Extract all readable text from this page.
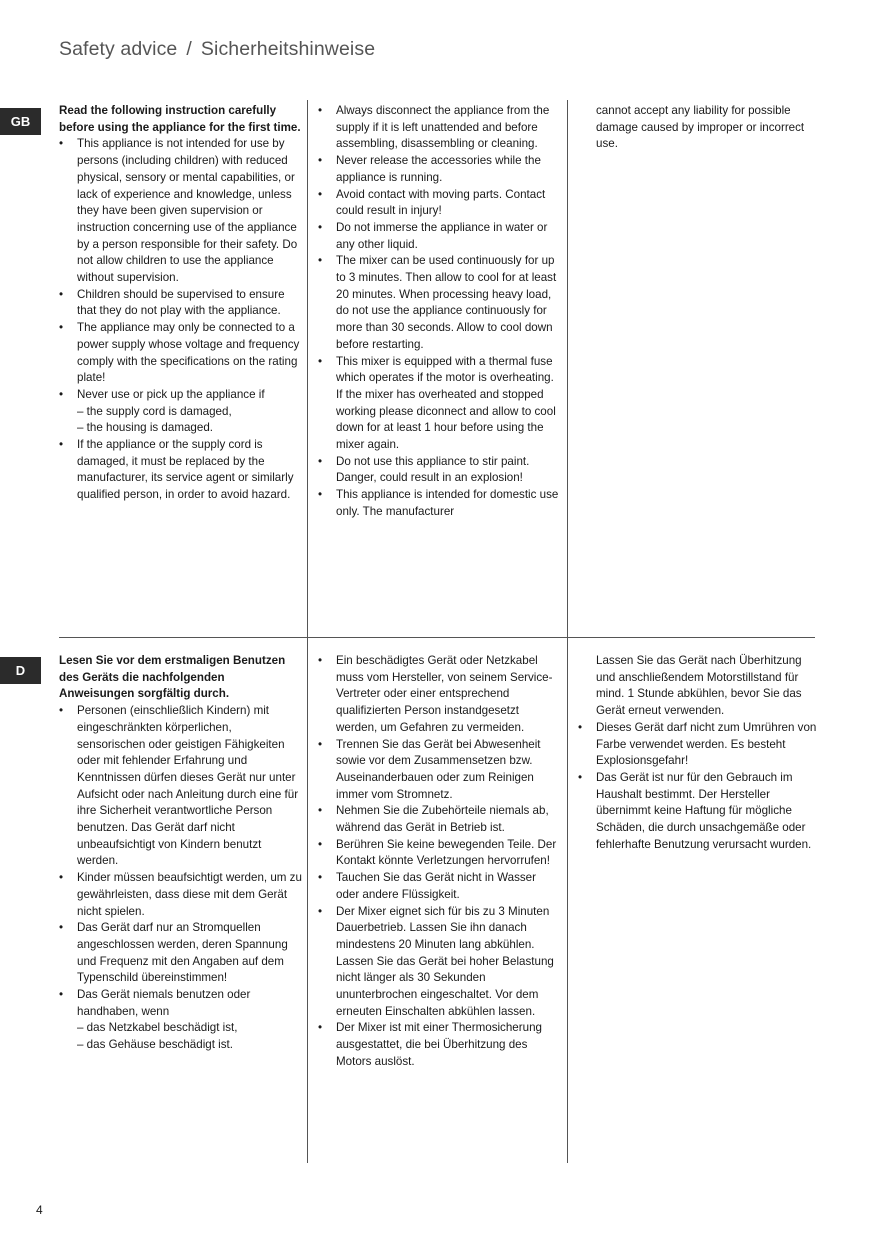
Safety advice / Sicherheitshinweise
GB
D

Read the following instruction carefully before using the appliance for the first time.

• This appliance is not intended for use by persons (including children) with reduced physical, sensory or mental capabilities, or lack of experience and knowledge, unless they have been given supervision or instruction concerning use of the appliance by a person responsible for their safety. Do not allow children to use the appliance without supervision.
• Children should be supervised to ensure that they do not play with the appliance.
• The appliance may only be connected to a power supply whose voltage and frequency comply with the specifications on the rating plate!
• Never use or pick up the appliance if
– the supply cord is damaged,
– the housing is damaged.
• If the appliance or the supply cord is damaged, it must be replaced by the manufacturer, its service agent or similarly qualified person, in order to avoid hazard.
• Always disconnect the appliance from the supply if it is left unattended and before assembling, disassembling or cleaning.
• Never release the accessories while the appliance is running.
• Avoid contact with moving parts. Contact could result in injury!
• Do not immerse the appliance in water or any other liquid.
• The mixer can be used continuously for up to 3 minutes. Then allow to cool for at least 20 minutes. When processing heavy load, do not use the appliance continuously for more than 30 seconds. Allow to cool down before restarting.
• This mixer is equipped with a thermal fuse which operates if the motor is overheating. If the mixer has overheated and stopped working please diconnect and allow to cool down for at least 1 hour before using the mixer again.
• Do not use this appliance to stir paint. Danger, could result in an explosion!
• This appliance is intended for domestic use only. The manufacturer

cannot accept any liability for possible damage caused by improper or incorrect use.

Lesen Sie vor dem erstmaligen Benutzen des Geräts die nachfolgenden Anweisungen sorgfältig durch.

• Personen (einschließlich Kindern) mit eingeschränkten körperlichen, sensorischen oder geistigen Fähigkeiten oder mit fehlender Erfahrung und Kenntnissen dürfen dieses Gerät nur unter Aufsicht oder nach Anleitung durch eine für ihre Sicherheit verantwortliche Person benutzen. Das Gerät darf nicht unbeaufsichtigt von Kindern benutzt werden.
• Kinder müssen beaufsichtigt werden, um zu gewährleisten, dass diese mit dem Gerät nicht spielen.
• Das Gerät darf nur an Stromquellen angeschlossen werden, deren Spannung und Frequenz mit den Angaben auf dem Typenschild übereinstimmen!
• Das Gerät niemals benutzen oder handhaben, wenn
– das Netzkabel beschädigt ist,
– das Gehäuse beschädigt ist.
• Ein beschädigtes Gerät oder Netzkabel muss vom Hersteller, von seinem Service-Vertreter oder einer entsprechend qualifizierten Person instandgesetzt werden, um Gefahren zu vermeiden.
• Trennen Sie das Gerät bei Abwesenheit sowie vor dem Zusammensetzen bzw. Auseinanderbauen oder zum Reinigen immer vom Stromnetz.
• Nehmen Sie die Zubehörteile niemals ab, während das Gerät in Betrieb ist.
• Berühren Sie keine bewegenden Teile. Der Kontakt könnte Verletzungen hervorrufen!
• Tauchen Sie das Gerät nicht in Wasser oder andere Flüssigkeit.
• Der Mixer eignet sich für bis zu 3 Minuten Dauerbetrieb. Lassen Sie ihn danach mindestens 20 Minuten lang abkühlen. Lassen Sie das Gerät bei hoher Belastung nicht länger als 30 Sekunden ununterbrochen eingeschaltet. Vor dem erneuten Einschalten abkühlen lassen.
• Der Mixer ist mit einer Thermosicherung ausgestattet, die bei Überhitzung des Motors auslöst.

Lassen Sie das Gerät nach Überhitzung und anschließendem Motorstillstand für mind. 1 Stunde abkühlen, bevor Sie das Gerät erneut verwenden.

• Dieses Gerät darf nicht zum Umrühren von Farbe verwendet werden. Es besteht Explosionsgefahr!
• Das Gerät ist nur für den Gebrauch im Haushalt bestimmt. Der Hersteller übernimmt keine Haftung für mögliche Schäden, die durch unsachgemäße oder fehlerhafte Benutzung verursacht wurden.
4
